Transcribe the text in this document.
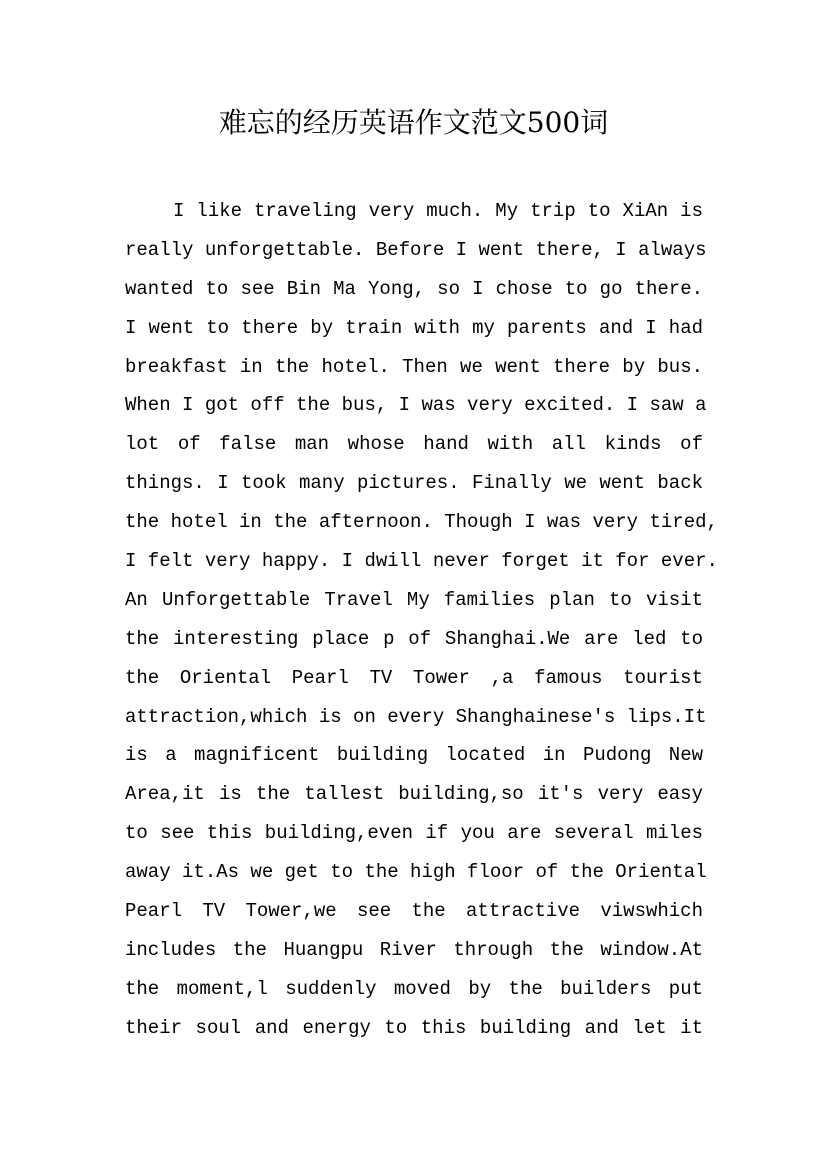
难忘的经历英语作文范文500词
I like traveling very much. My trip to XiAn is
really unforgettable. Before I went there, I always
wanted to see Bin Ma Yong, so I chose to go there.
I went to there by train with my parents and I had
breakfast in the hotel. Then we went there by bus.
When I got off the bus, I was very excited. I saw a
lot of false man whose hand with all kinds of
things. I took many pictures. Finally we went back
the hotel in the afternoon. Though I was very tired,
I felt very happy. I dwill never forget it for ever.
An Unforgettable Travel My families plan to visit
the interesting place p of Shanghai.We are led to
the Oriental Pearl TV Tower ,a famous tourist
attraction,which is on every Shanghainese's lips.It
is a magnificent building located in Pudong New
Area,it is the tallest building,so it's very easy
to see this building,even if you are several miles
away it.As we get to the high floor of the Oriental
Pearl TV Tower,we see the attractive viwswhich
includes the Huangpu River through the window.At
the moment,l suddenly moved by the builders put
their soul and energy to this building and let it
